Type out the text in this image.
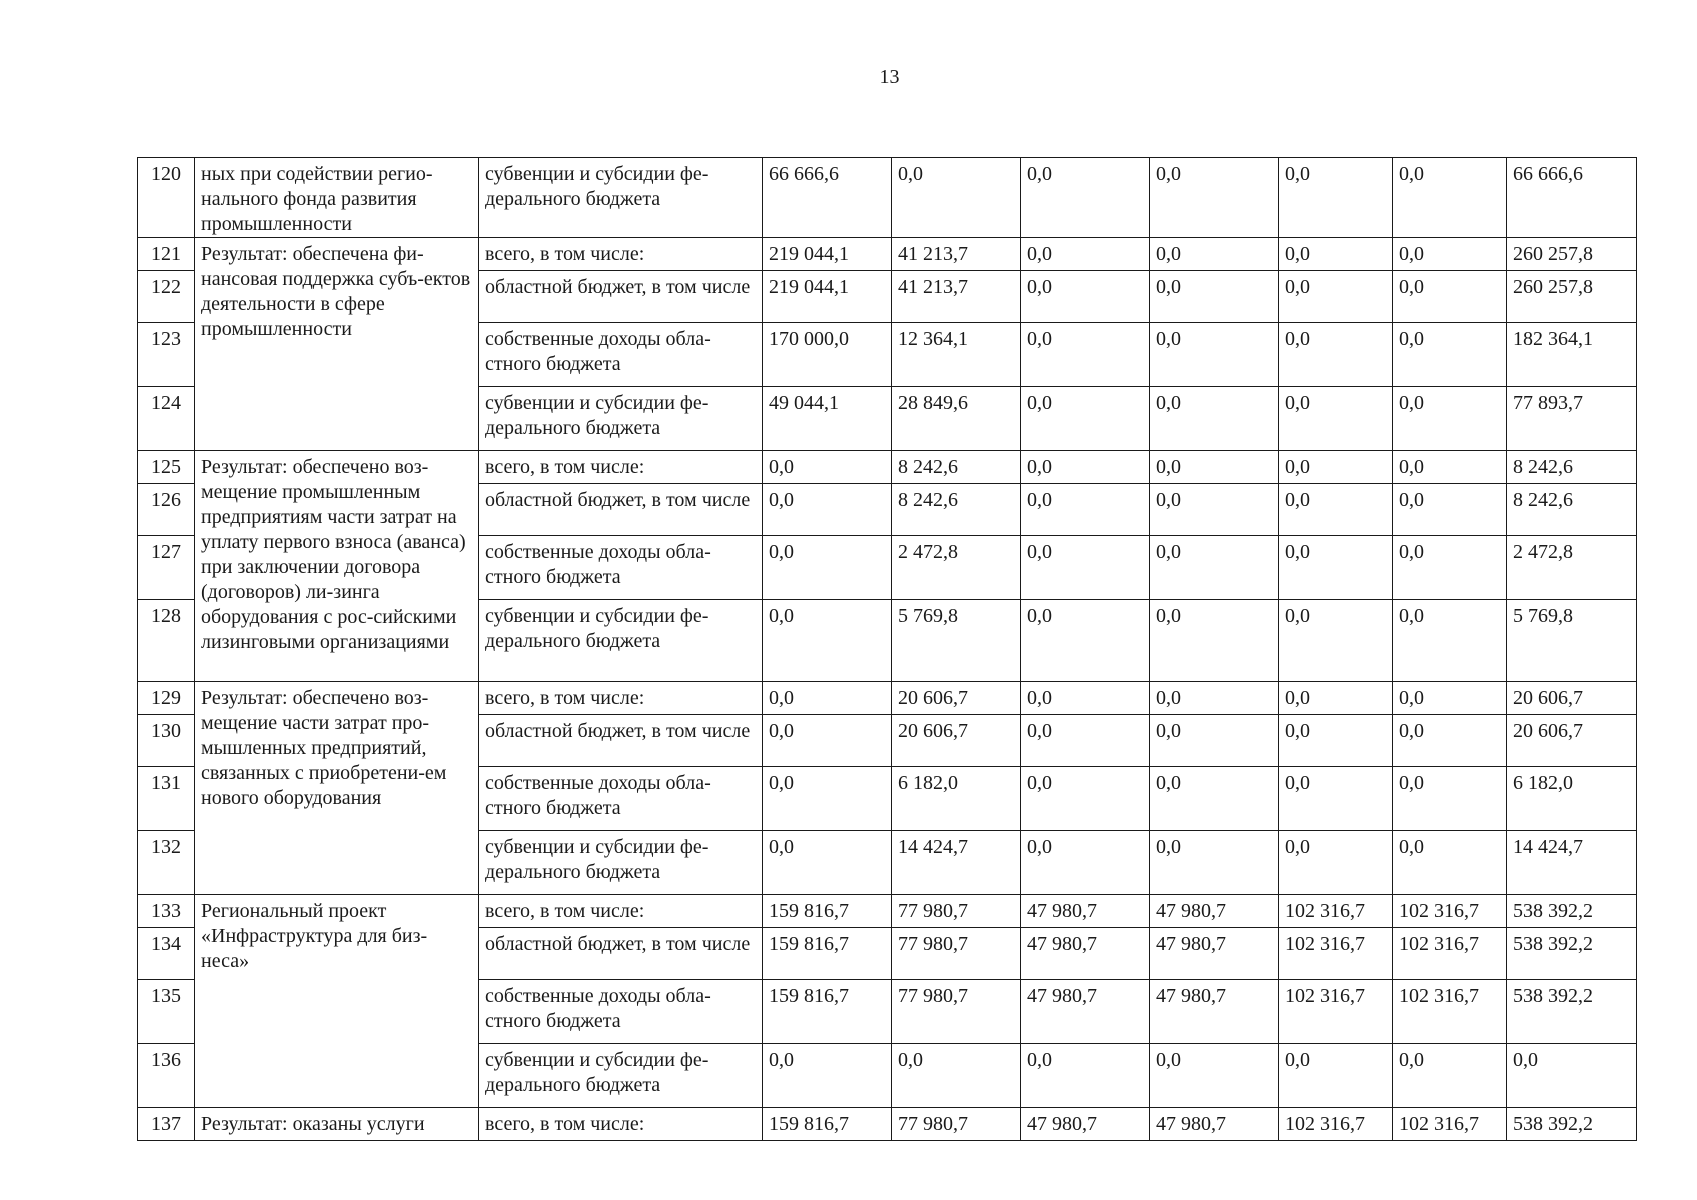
13
120	ных при содействии регио-нального фонда развития промышленности	субвенции и субсидии фе-дерального бюджета	66 666,6	0,0	0,0	0,0	0,0	0,0	66 666,6
121	Результат: обеспечена фи-нансовая поддержка субъ-ектов деятельности в сфере промышленности	всего, в том числе:	219 044,1	41 213,7	0,0	0,0	0,0	0,0	260 257,8
122		областной бюджет, в том числе	219 044,1	41 213,7	0,0	0,0	0,0	0,0	260 257,8
123		собственные доходы обла-стного бюджета	170 000,0	12 364,1	0,0	0,0	0,0	0,0	182 364,1
124		субвенции и субсидии фе-дерального бюджета	49 044,1	28 849,6	0,0	0,0	0,0	0,0	77 893,7
125	Результат: обеспечено воз-мещение промышленным предприятиям части затрат на уплату первого взноса (аванса) при заключении договора (договоров) ли-зинга оборудования с рос-сийскими лизинговыми организациями	всего, в том числе:	0,0	8 242,6	0,0	0,0	0,0	0,0	8 242,6
126		областной бюджет, в том числе	0,0	8 242,6	0,0	0,0	0,0	0,0	8 242,6
127		собственные доходы обла-стного бюджета	0,0	2 472,8	0,0	0,0	0,0	0,0	2 472,8
128		субвенции и субсидии фе-дерального бюджета	0,0	5 769,8	0,0	0,0	0,0	0,0	5 769,8
129	Результат: обеспечено воз-мещение части затрат про-мышленных предприятий, связанных с приобретени-ем нового оборудования	всего, в том числе:	0,0	20 606,7	0,0	0,0	0,0	0,0	20 606,7
130		областной бюджет, в том числе	0,0	20 606,7	0,0	0,0	0,0	0,0	20 606,7
131		собственные доходы обла-стного бюджета	0,0	6 182,0	0,0	0,0	0,0	0,0	6 182,0
132		субвенции и субсидии фе-дерального бюджета	0,0	14 424,7	0,0	0,0	0,0	0,0	14 424,7
133	Региональный проект «Инфраструктура для биз-неса»	всего, в том числе:	159 816,7	77 980,7	47 980,7	47 980,7	102 316,7	102 316,7	538 392,2
134		областной бюджет, в том числе	159 816,7	77 980,7	47 980,7	47 980,7	102 316,7	102 316,7	538 392,2
135		собственные доходы обла-стного бюджета	159 816,7	77 980,7	47 980,7	47 980,7	102 316,7	102 316,7	538 392,2
136		субвенции и субсидии фе-дерального бюджета	0,0	0,0	0,0	0,0	0,0	0,0	0,0
137	Результат: оказаны услуги	всего, в том числе:	159 816,7	77 980,7	47 980,7	47 980,7	102 316,7	102 316,7	538 392,2
